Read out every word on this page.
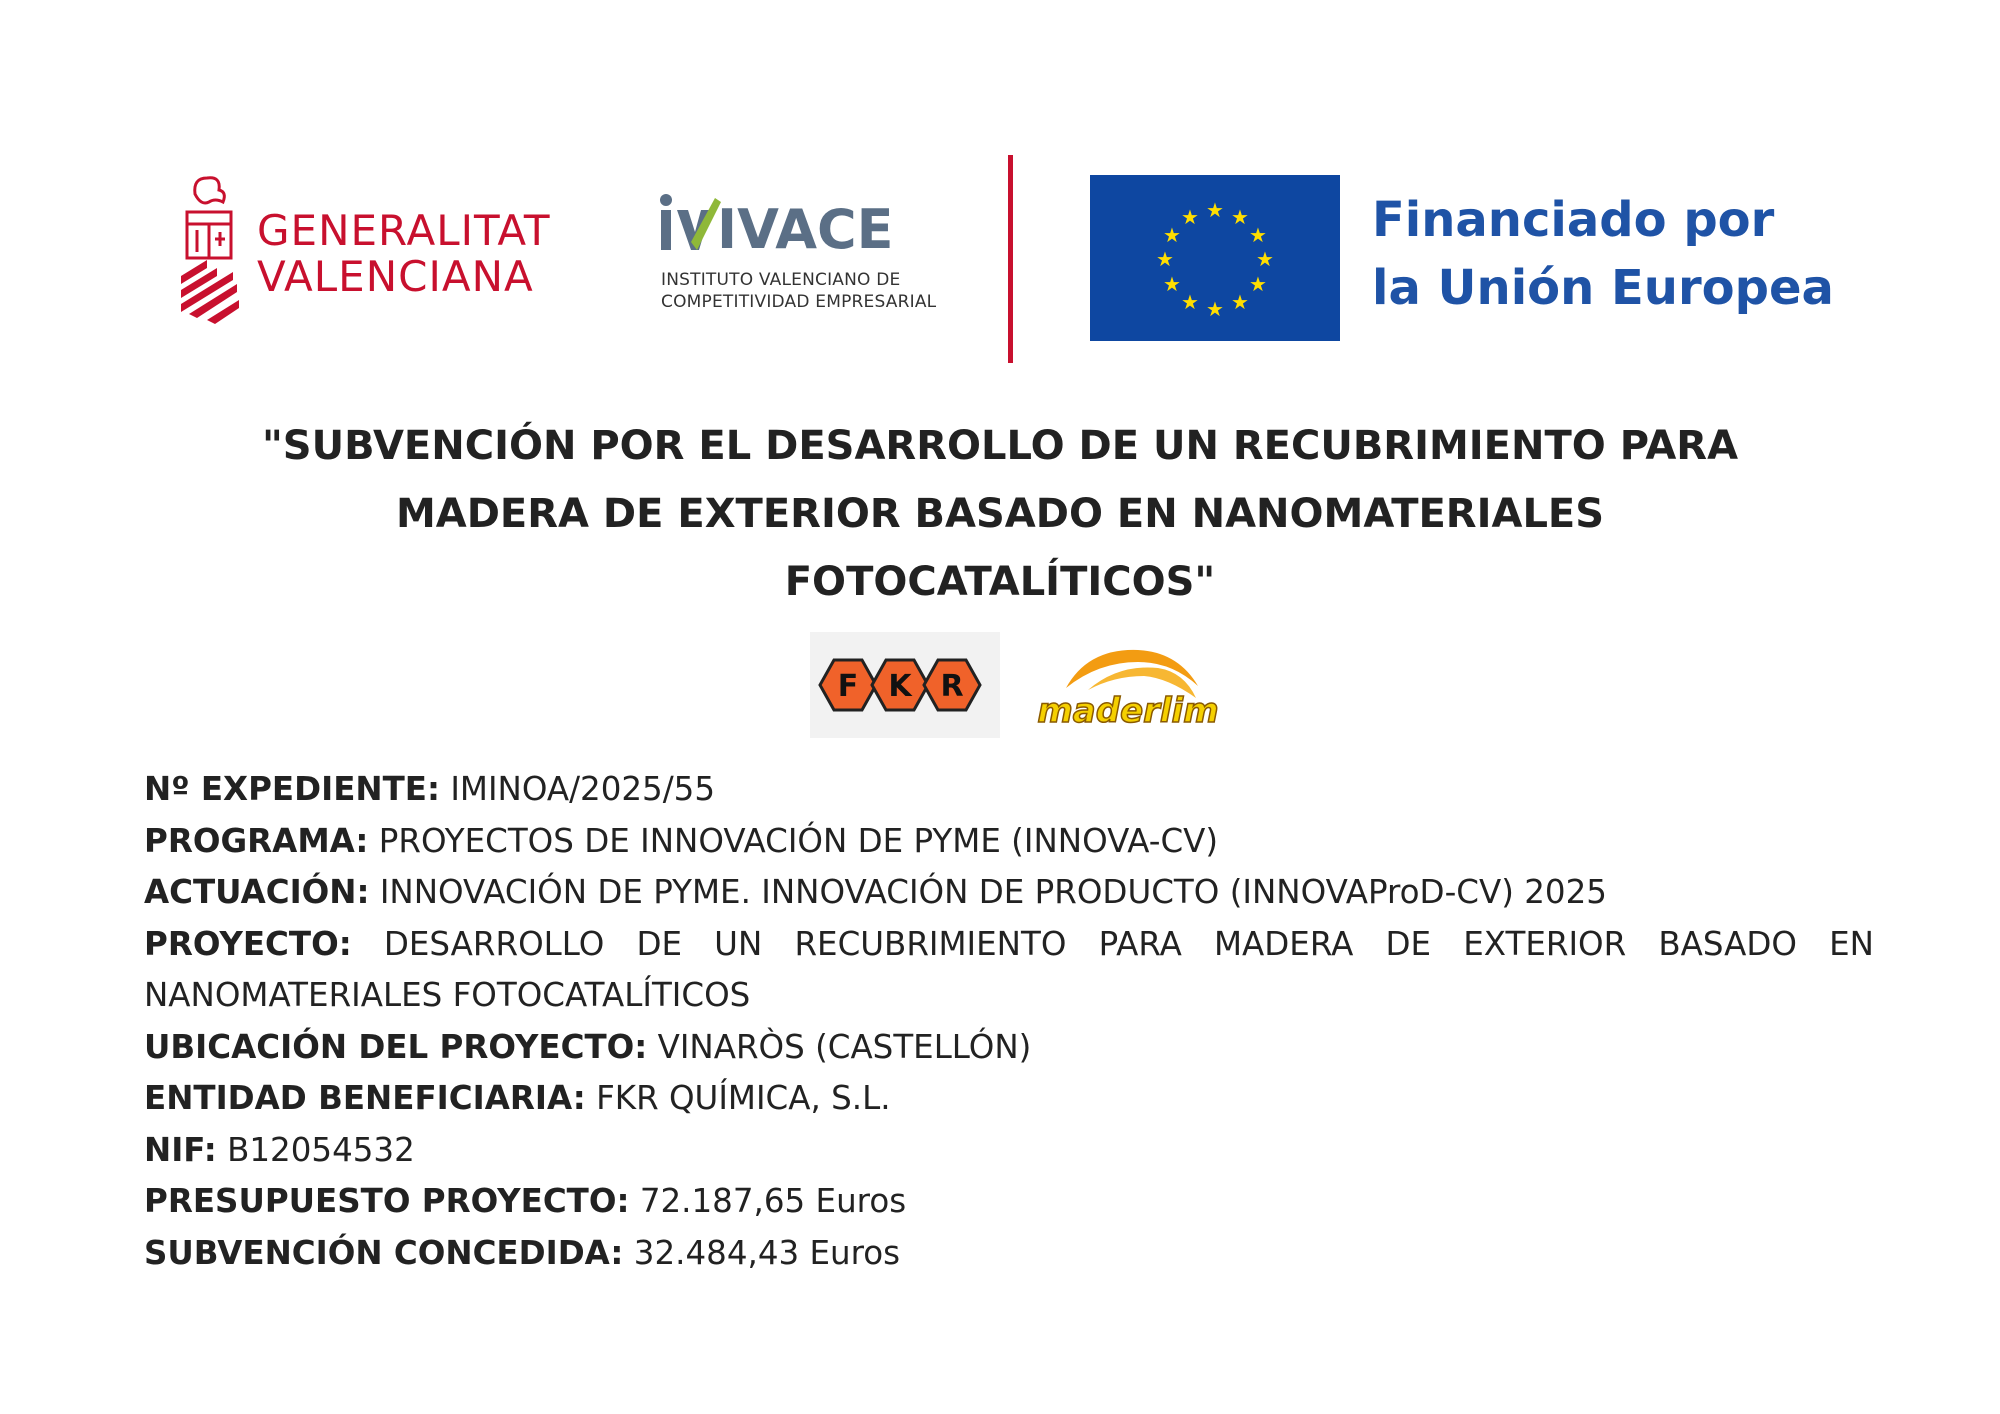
GENERALITAT
VALENCIANA
IVACE
INSTITUTO VALENCIANO DE
COMPETITIVIDAD EMPRESARIAL
★ ★
★
★
★
★
★
★
★
★
★
★	Financiado por
la Unión Europea
"SUBVENCIÓN POR EL DESARROLLO DE UN RECUBRIMIENTO PARA
MADERA DE EXTERIOR BASADO EN NANOMATERIALES
FOTOCATALÍTICOS"
F K R
maderlim

Nº EXPEDIENTE: IMINOA/2025/55

PROGRAMA: PROYECTOS DE INNOVACIÓN DE PYME (INNOVA-CV)

ACTUACIÓN: INNOVACIÓN DE PYME. INNOVACIÓN DE PRODUCTO (INNOVAProD-CV) 2025

PROYECTO: DESARROLLO DE UN RECUBRIMIENTO PARA MADERA DE EXTERIOR BASADO EN NANOMATERIALES FOTOCATALÍTICOS

UBICACIÓN DEL PROYECTO: VINARÒS (CASTELLÓN)

ENTIDAD BENEFICIARIA: FKR QUÍMICA, S.L.

NIF: B12054532

PRESUPUESTO PROYECTO: 72.187,65 Euros

SUBVENCIÓN CONCEDIDA: 32.484,43 Euros
